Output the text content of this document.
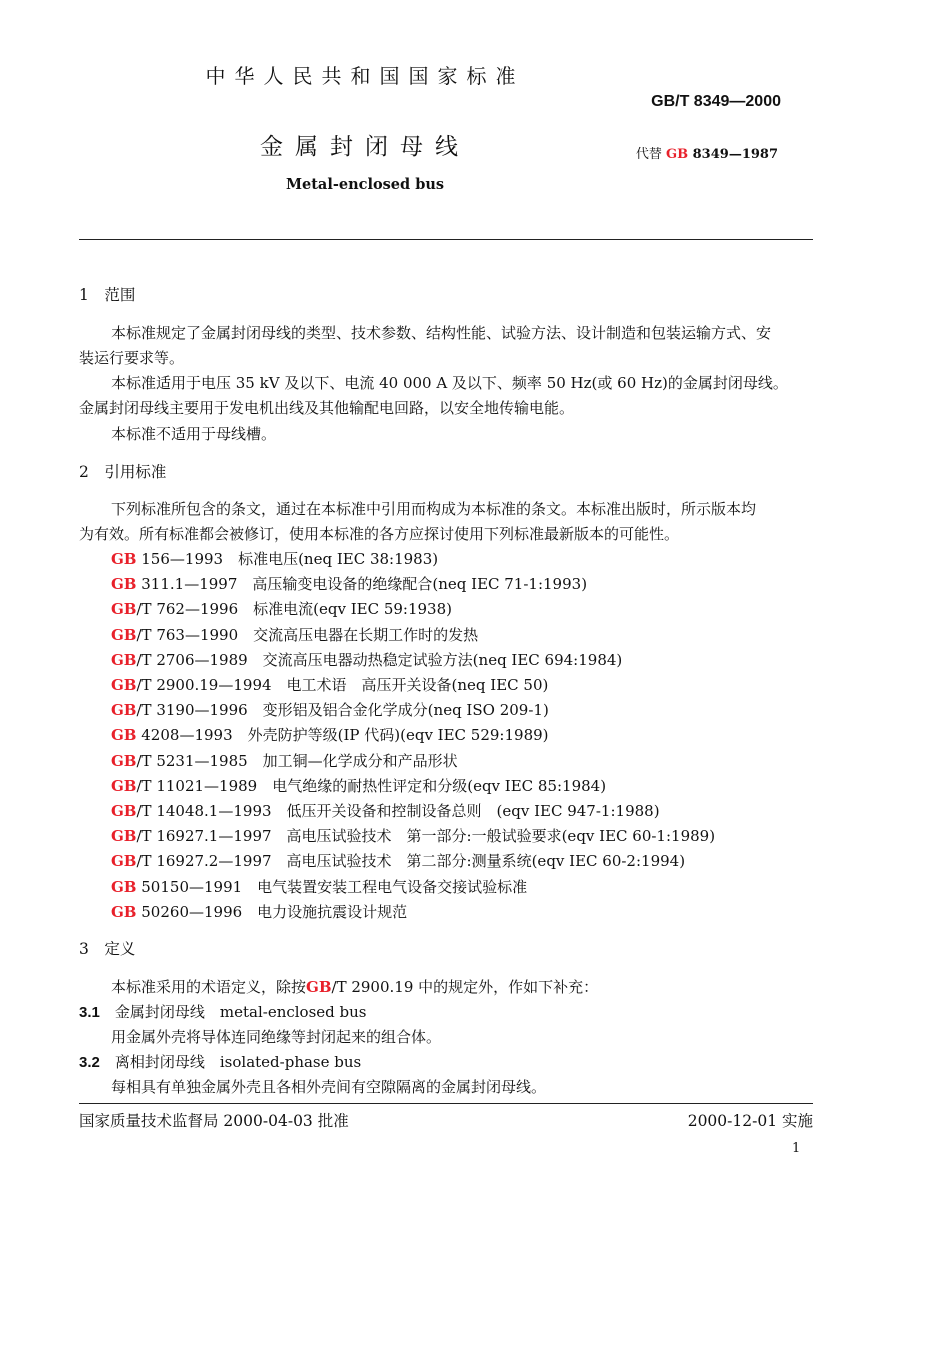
中华人民共和国国家标准
GB/T 8349—2000
金属封闭母线	代替 GB 8349—1987
Metal-enclosed bus
1　范围
本标准规定了金属封闭母线的类型、技术参数、结构性能、试验方法、设计制造和包装运输方式、安
装运行要求等。
本标准适用于电压 35 kV 及以下、电流 40 000 A 及以下、频率 50 Hz(或 60 Hz)的金属封闭母线。
金属封闭母线主要用于发电机出线及其他输配电回路，以安全地传输电能。
本标准不适用于母线槽。
2　引用标准
下列标准所包含的条文，通过在本标准中引用而构成为本标准的条文。本标准出版时，所示版本均
为有效。所有标准都会被修订，使用本标准的各方应探讨使用下列标准最新版本的可能性。
GB 156—1993　标准电压(neq IEC 38:1983)
GB 311.1—1997　高压输变电设备的绝缘配合(neq IEC 71-1:1993)
GB/T 762—1996　标准电流(eqv IEC 59:1938)
GB/T 763—1990　交流高压电器在长期工作时的发热
GB/T 2706—1989　交流高压电器动热稳定试验方法(neq IEC 694:1984)
GB/T 2900.19—1994　电工术语　高压开关设备(neq IEC 50)
GB/T 3190—1996　变形铝及铝合金化学成分(neq ISO 209-1)
GB 4208—1993　外壳防护等级(IP 代码)(eqv IEC 529:1989)
GB/T 5231—1985　加工铜—化学成分和产品形状
GB/T 11021—1989　电气绝缘的耐热性评定和分级(eqv IEC 85:1984)
GB/T 14048.1—1993　低压开关设备和控制设备总则　(eqv IEC 947-1:1988)
GB/T 16927.1—1997　高电压试验技术　第一部分:一般试验要求(eqv IEC 60-1:1989)
GB/T 16927.2—1997　高电压试验技术　第二部分:测量系统(eqv IEC 60-2:1994)
GB 50150—1991　电气装置安装工程电气设备交接试验标准
GB 50260—1996　电力设施抗震设计规范
3　定义
本标准采用的术语定义，除按GB/T 2900.19 中的规定外，作如下补充：
3.1　 金属封闭母线　metal-enclosed bus
用金属外壳将导体连同绝缘等封闭起来的组合体。
3.2　 离相封闭母线　isolated-phase bus
每相具有单独金属外壳且各相外壳间有空隙隔离的金属封闭母线。
国家质量技术监督局 2000-04-03 批准	2000-12-01 实施
1
